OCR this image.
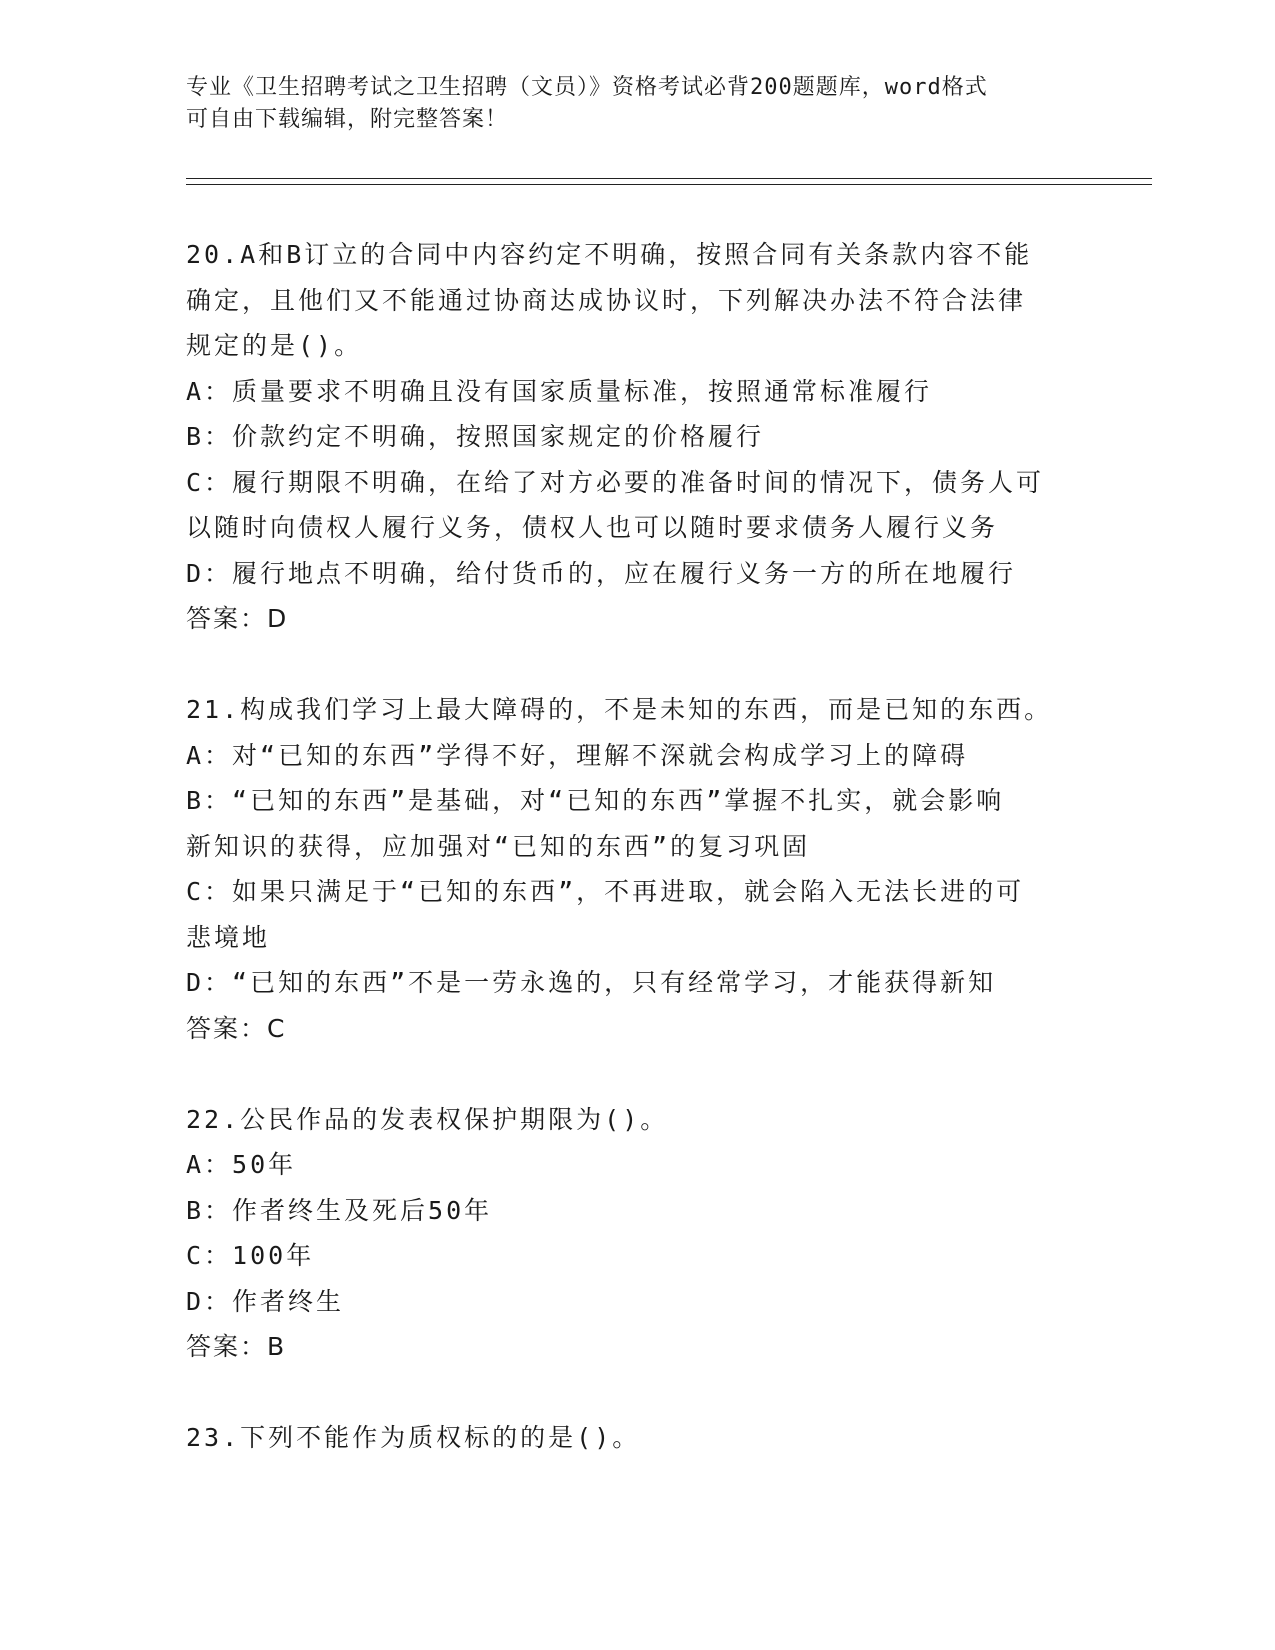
专业《卫生招聘考试之卫生招聘（文员）》资格考试必背200题题库，word格式
可自由下载编辑，附完整答案！
20.A和B订立的合同中内容约定不明确，按照合同有关条款内容不能
确定，且他们又不能通过协商达成协议时，下列解决办法不符合法律
规定的是()。
A：质量要求不明确且没有国家质量标准，按照通常标准履行
B：价款约定不明确，按照国家规定的价格履行
C：履行期限不明确，在给了对方必要的准备时间的情况下，债务人可
以随时向债权人履行义务，债权人也可以随时要求债务人履行义务
D：履行地点不明确，给付货币的，应在履行义务一方的所在地履行
答案：D
21.构成我们学习上最大障碍的，不是未知的东西，而是已知的东西。
A：对“已知的东西”学得不好，理解不深就会构成学习上的障碍
B：“已知的东西”是基础，对“已知的东西”掌握不扎实，就会影响
新知识的获得，应加强对“已知的东西”的复习巩固
C：如果只满足于“已知的东西”，不再进取，就会陷入无法长进的可
悲境地
D：“已知的东西”不是一劳永逸的，只有经常学习，才能获得新知
答案：C
22.公民作品的发表权保护期限为()。
A：50年
B：作者终生及死后50年
C：100年
D：作者终生
答案：B
23.下列不能作为质权标的的是()。
